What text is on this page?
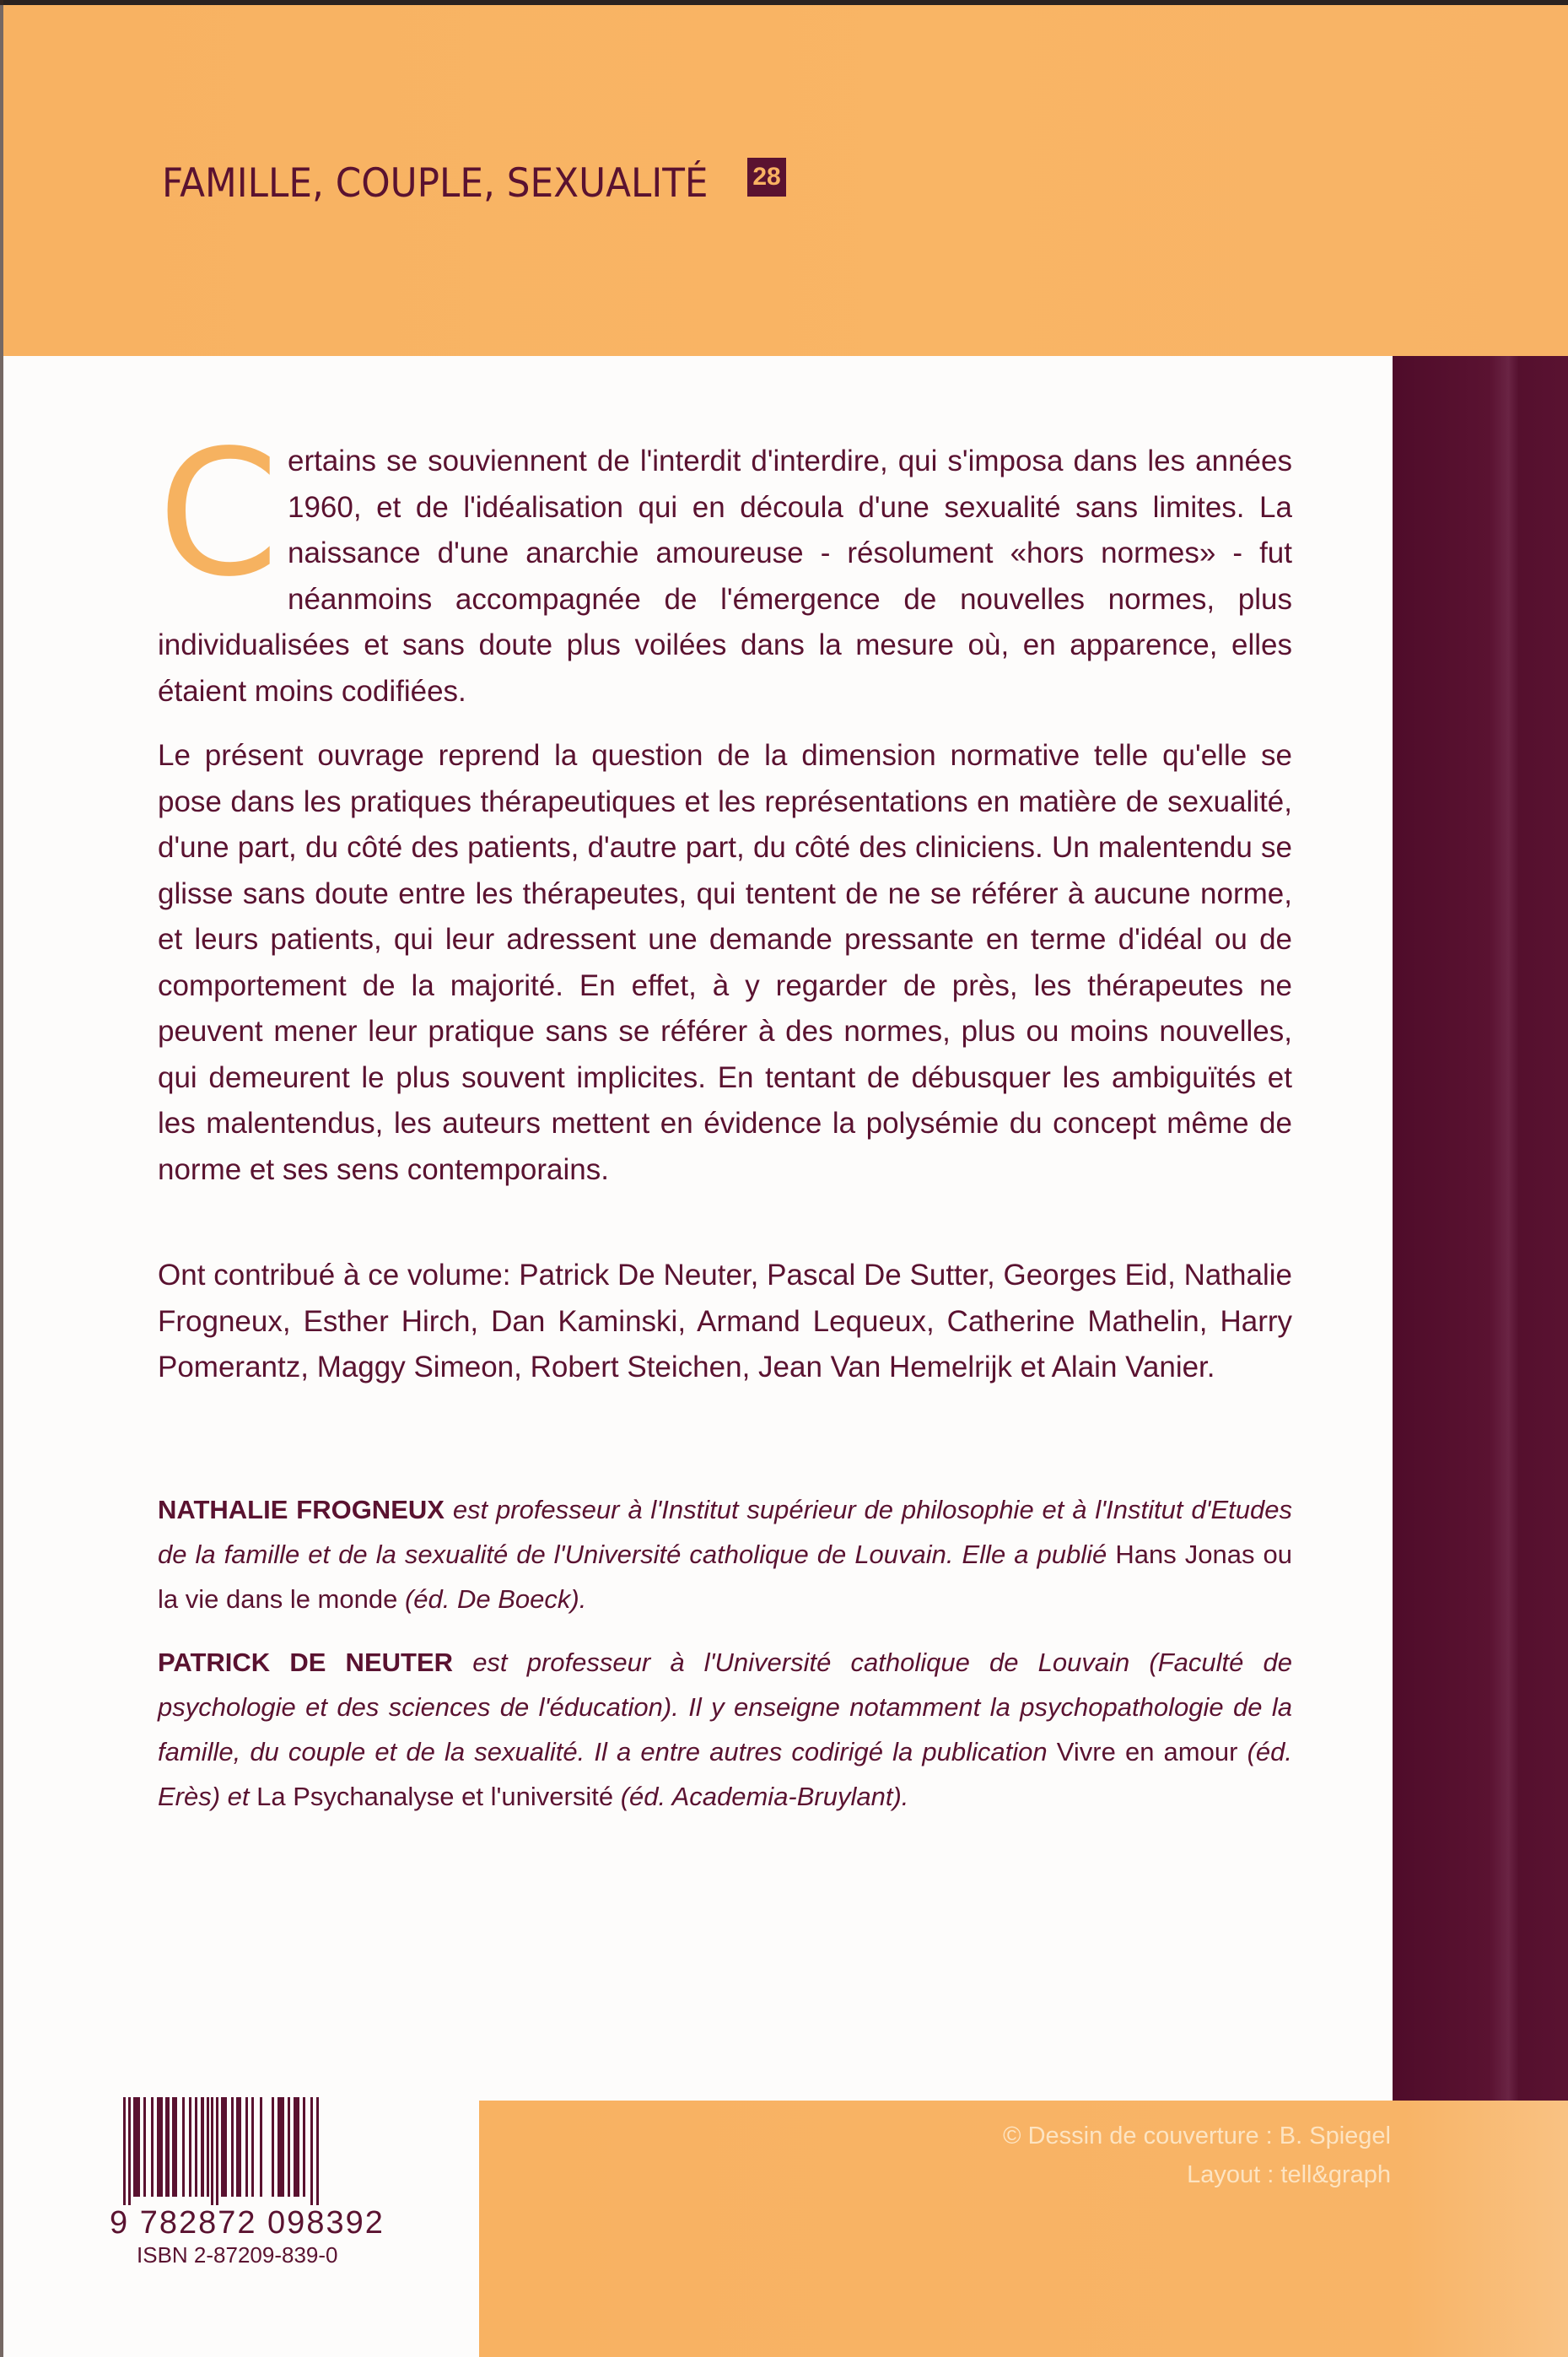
FAMILLE, COUPLE, SEXUALITÉ 28

Certains se souviennent de l'interdit d'interdire, qui s'imposa dans les années 1960, et de l'idéalisation qui en découla d'une sexualité sans limites. La naissance d'une anarchie amoureuse - résolument «hors normes» - fut néanmoins accompagnée de l'émergence de nouvelles normes, plus individualisées et sans doute plus voilées dans la mesure où, en apparence, elles étaient moins codifiées.

Le présent ouvrage reprend la question de la dimension normative telle qu'elle se pose dans les pratiques thérapeutiques et les représentations en matière de sexualité, d'une part, du côté des patients, d'autre part, du côté des cliniciens. Un malentendu se glisse sans doute entre les thérapeutes, qui tentent de ne se référer à aucune norme, et leurs patients, qui leur adressent une demande pressante en terme d'idéal ou de comportement de la majorité. En effet, à y regarder de près, les thérapeutes ne peuvent mener leur pratique sans se référer à des normes, plus ou moins nouvelles, qui demeurent le plus souvent implicites. En tentant de débusquer les ambiguïtés et les malentendus, les auteurs mettent en évidence la polysémie du concept même de norme et ses sens contemporains.

Ont contribué à ce volume: Patrick De Neuter, Pascal De Sutter, Georges Eid, Nathalie Frogneux, Esther Hirch, Dan Kaminski, Armand Lequeux, Catherine Mathelin, Harry Pomerantz, Maggy Simeon, Robert Steichen, Jean Van Hemelrijk et Alain Vanier.

NATHALIE FROGNEUX est professeur à l'Institut supérieur de philosophie et à l'Institut d'Etudes de la famille et de la sexualité de l'Université catholique de Louvain. Elle a publié Hans Jonas ou la vie dans le monde (éd. De Boeck).

PATRICK DE NEUTER est professeur à l'Université catholique de Louvain (Faculté de psychologie et des sciences de l'éducation). Il y enseigne notamment la psychopathologie de la famille, du couple et de la sexualité. Il a entre autres codirigé la publication Vivre en amour (éd. Erès) et La Psychanalyse et l'université (éd. Academia-Bruylant).

9 782872 098392
ISBN 2-87209-839-0
© Dessin de couverture : B. Spiegel
Layout : tell&graph
